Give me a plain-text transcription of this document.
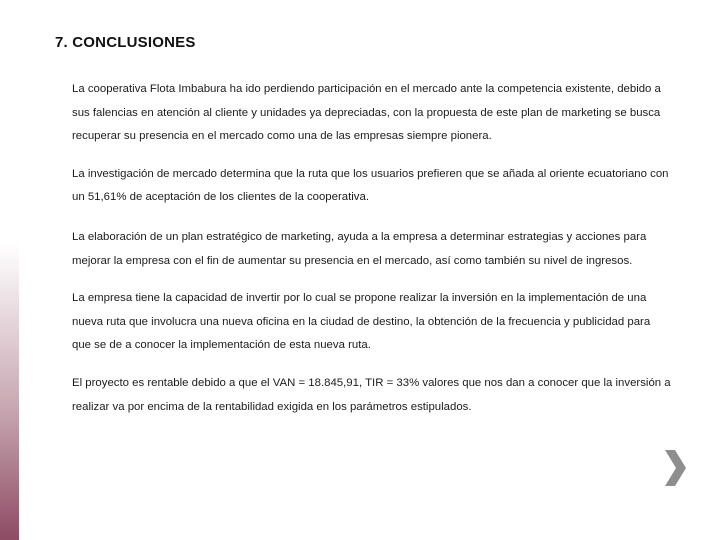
7. CONCLUSIONES

La cooperativa Flota Imbabura ha ido perdiendo participación en el mercado ante la competencia existente, debido a sus falencias en atención al cliente y unidades ya depreciadas, con la propuesta de este plan de marketing se busca recuperar su presencia en el mercado como una de las empresas siempre pionera.

La investigación de mercado determina que la ruta que los usuarios prefieren que se añada al oriente ecuatoriano con un 51,61% de aceptación de los clientes de la cooperativa.

La elaboración de un plan estratégico de marketing, ayuda a la empresa a determinar estrategias y acciones para mejorar la empresa con el fin de aumentar su presencia en el mercado, así como también su nivel de ingresos.

La empresa tiene la capacidad de invertir por lo cual se propone realizar la inversión en la implementación de una nueva ruta que involucra una nueva oficina en la ciudad de destino, la obtención de la frecuencia y publicidad para que se de a conocer la implementación de esta nueva ruta.

El proyecto es rentable debido a que el VAN = 18.845,91, TIR = 33% valores que nos dan a conocer que la inversión a realizar va por encima de la rentabilidad exigida en los parámetros estipulados.
